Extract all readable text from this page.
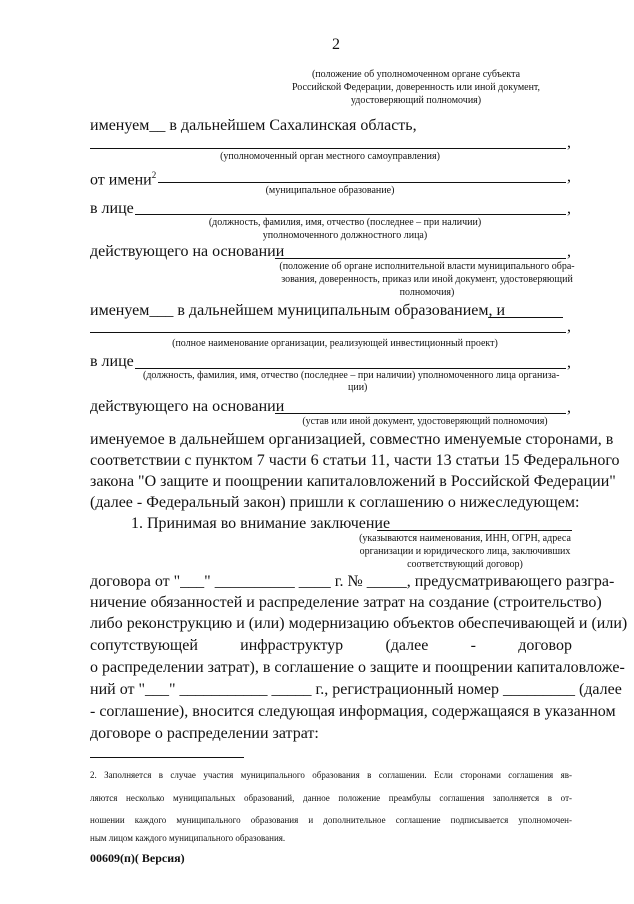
2
(положение об уполномоченном органе субъекта
Российской Федерации, доверенность или иной документ,
удостоверяющий полномочия)
именуем__ в дальнейшем Сахалинская область,
,
(уполномоченный орган местного самоуправления)
от имени$^2$	,
(муниципальное образование)
в лице	,
(должность, фамилия, имя, отчество (последнее – при наличии)
уполномоченного должностного лица)
действующего на основании	,
(положение об органе исполнительной власти муниципального обра-
зования, доверенность, приказ или иной документ, удостоверяющий
полномочия)
именуем___ в дальнейшем муниципальным образованием, и
,
(полное наименование организации, реализующей инвестиционный проект)
в лице	,
(должность, фамилия, имя, отчество (последнее – при наличии) уполномоченного лица организа-
ции)
действующего на основании	,
(устав или иной документ, удостоверяющий полномочия)
именуемое в дальнейшем организацией, совместно именуемые сторонами, в
соответствии с пунктом 7 части 6 статьи 11, части 13 статьи 15 Федерального
закона "О защите и поощрении капиталовложений в Российской Федерации"
(далее - Федеральный закон) пришли к соглашению о нижеследующем:
1. Принимая во внимание заключение
(указываются наименования, ИНН, ОГРН, адреса
организации и юридического лица, заключивших
соответствующий договор)
договора от "___" __________ ____ г. № _____, предусматривающего разгра-
ничение обязанностей и распределение затрат на создание (строительство)
либо реконструкцию и (или) модернизацию объектов обеспечивающей и (или)
сопутствующей	инфраструктур	(далее	-	договор
о распределении затрат), в соглашение о защите и поощрении капиталовложе-
ний от "___" ___________ _____ г., регистрационный номер _________ (далее
- соглашение), вносится следующая информация, содержащаяся в указанном
договоре о распределении затрат:
2. Заполняется в случае участия муниципального образования в соглашении. Если сторонами соглашения яв-
ляются несколько муниципальных образований, данное положение преамбулы соглашения заполняется в от-
ношении каждого муниципального образования и дополнительное соглашение подписывается уполномочен-
ным лицом каждого муниципального образования.
00609(п)( Версия)
